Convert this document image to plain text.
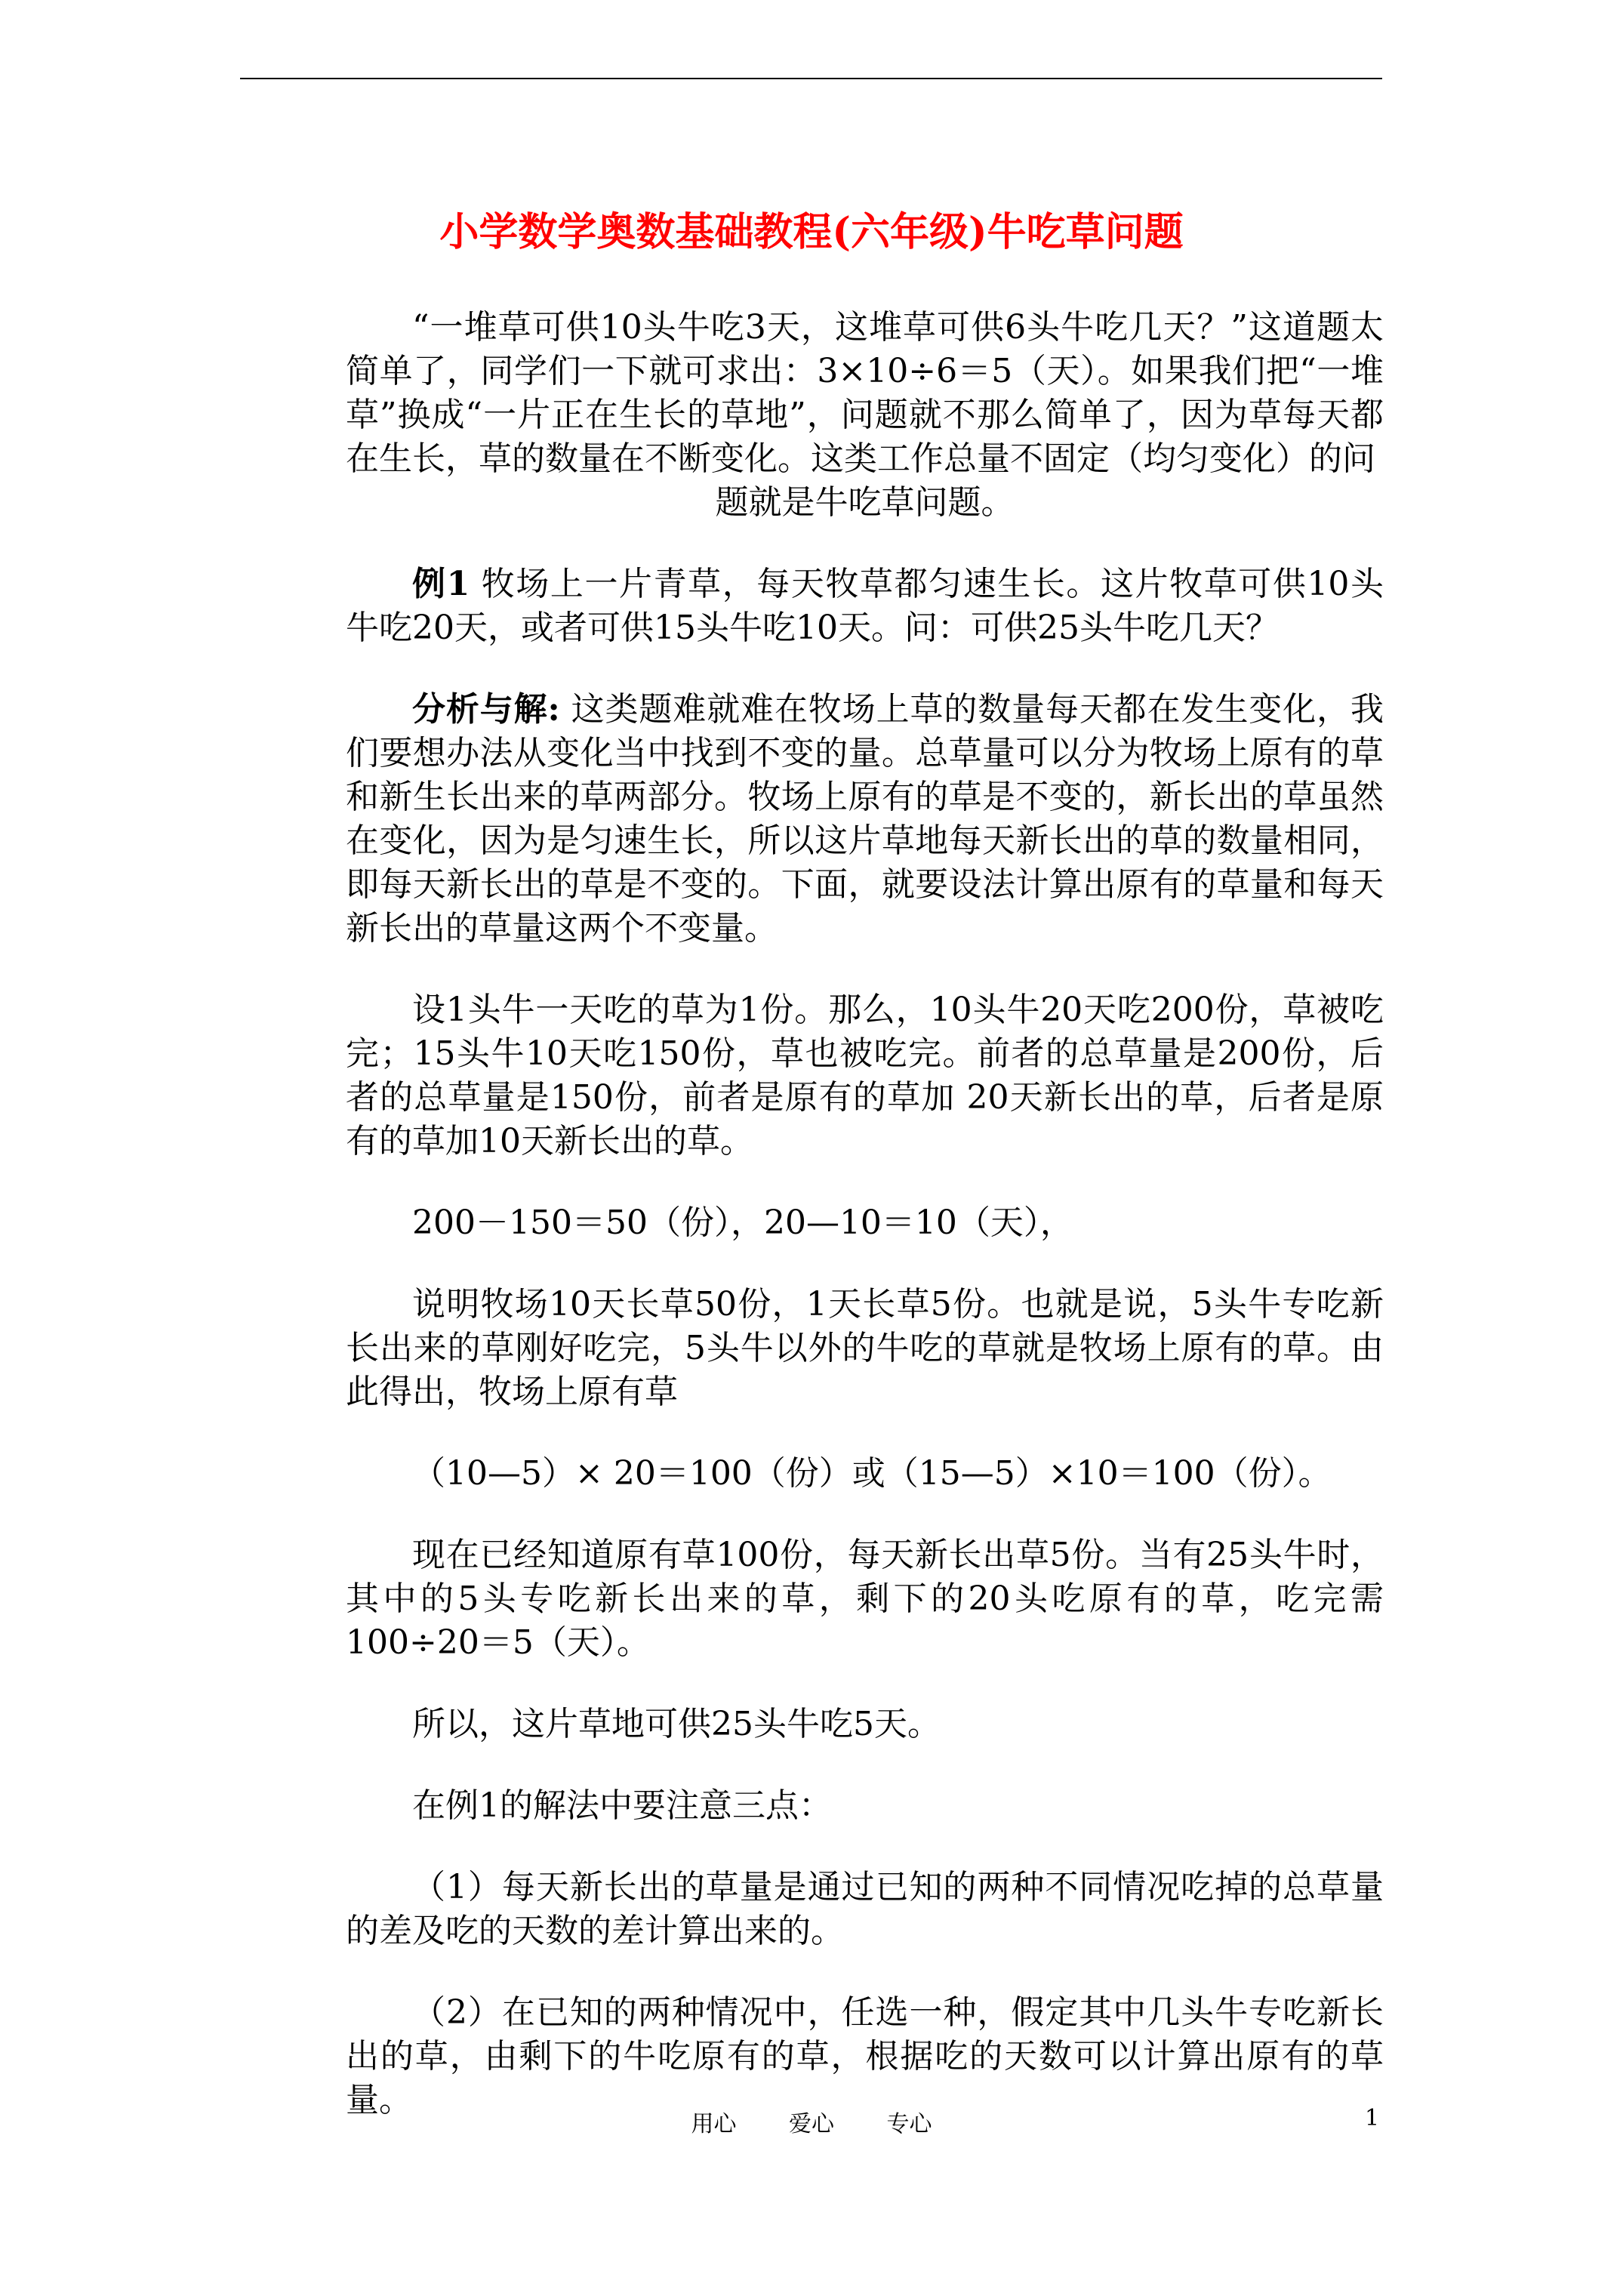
小学数学奥数基础教程(六年级)牛吃草问题

“一堆草可供10头牛吃3天，这堆草可供6头牛吃几天？”这道题太简单了，同学们一下就可求出：3×10÷6＝5（天）。如果我们把“一堆草”换成“一片正在生长的草地”，问题就不那么简单了，因为草每天都在生长，草的数量在不断变化。这类工作总量不固定（均匀变化）的问
题就是牛吃草问题。

例1 牧场上一片青草，每天牧草都匀速生长。这片牧草可供10头牛吃20天，或者可供15头牛吃10天。问：可供25头牛吃几天？

分析与解: 这类题难就难在牧场上草的数量每天都在发生变化，我们要想办法从变化当中找到不变的量。总草量可以分为牧场上原有的草和新生长出来的草两部分。牧场上原有的草是不变的，新长出的草虽然在变化，因为是匀速生长，所以这片草地每天新长出的草的数量相同，即每天新长出的草是不变的。下面，就要设法计算出原有的草量和每天新长出的草量这两个不变量。

设1头牛一天吃的草为1份。那么，10头牛20天吃200份，草被吃完；15头牛10天吃150份，草也被吃完。前者的总草量是200份，后者的总草量是150份，前者是原有的草加 20天新长出的草，后者是原有的草加10天新长出的草。

200－150＝50（份），20—10＝10（天），

说明牧场10天长草50份，1天长草5份。也就是说，5头牛专吃新长出来的草刚好吃完，5头牛以外的牛吃的草就是牧场上原有的草。由此得出，牧场上原有草

（10—5）× 20＝100（份）或（15—5）×10＝100（份）。

现在已经知道原有草100份，每天新长出草5份。当有25头牛时，其中的5头专吃新长出来的草，剩下的20头吃原有的草，吃完需100÷20＝5（天）。

所以，这片草地可供25头牛吃5天。

在例1的解法中要注意三点：

（1）每天新长出的草量是通过已知的两种不同情况吃掉的总草量的差及吃的天数的差计算出来的。

（2）在已知的两种情况中，任选一种，假定其中几头牛专吃新长出的草，由剩下的牛吃原有的草，根据吃的天数可以计算出原有的草量。

用心 爱心 专心	1
